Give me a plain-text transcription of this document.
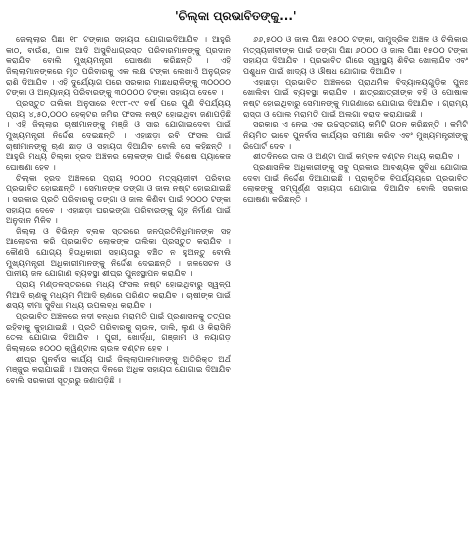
'ଚିଲ୍କା ପ୍ରଭାବିତଙ୍କୁ...'

ଜେଲ୍ଲାର ପିଛା ୧୮ ଟଙ୍କାର ସହାୟତା ଯୋଗାଇଦିଆଯିବ । ଆହୁରି କାଠ, ବାଉଁଶ, ପାଳ ଆଦି ଅସୁବିଧାଗ୍ରସ୍ତ ପରିବାରମାନଙ୍କୁ ପ୍ରଦାନ କରାଯିବ ବୋଲି ମୁଖ୍ୟମନ୍ତ୍ରୀ ଘୋଷଣା କରିଛନ୍ତି । ଏହି ଜିଲ୍ଲାମାନଙ୍କରେ ମୃତ ପରିବାରକୁ ଏକ ଲକ୍ଷ ଟଙ୍କା ଲେଖାଏଁ ଅନୁଗ୍ରହ ରାଶି ଦିଆଯିବ । ଏହି ଦୁର୍ଯ୍ୟୋଗ ପରେ ସରକାର ମାଛଧରାଳିଙ୍କୁ ୩୦୦୦୦ ଟଙ୍କା ଓ ଅନ୍ୟାନ୍ୟ ପରିବାରଙ୍କୁ ୩୦୦୦୦ ଟଙ୍କା ସହାୟତା ଦେବେ ।

ପ୍ରସ୍ତୁତ ତାଲିକା ଅନୁସାରେ ୧୯୯୮-୯୯ ବର୍ଷ ପରେ ପୁଣି ବିପର୍ଯ୍ୟୟ ପ୍ରାୟ ୪,୫୦,୦୦୦ ହେକ୍ଟର ଜମିର ଫସଲ ନଷ୍ଟ ହୋଇଥିବା ଜଣାପଡ଼ିଛି । ଏହି ଜିଲ୍ଲାର ଚାଷୀମାନଙ୍କୁ ମଞ୍ଜି ଓ ସାର ଯୋଗାଇଦେବା ପାଇଁ ମୁଖ୍ୟମନ୍ତ୍ରୀ ନିର୍ଦ୍ଦେଶ ଦେଇଛନ୍ତି । ଏହାଛଡ଼ା ରବି ଫସଲ ପାଇଁ ଚାଷୀମାନଙ୍କୁ ଋଣ ଛାଡ଼ ଓ ସହାୟତା ଦିଆଯିବ ବୋଲି ସେ କହିଛନ୍ତି । ଆହୁରି ମଧ୍ୟ ଚିଲ୍କା ହ୍ରଦ ଅଞ୍ଚଳର ଲୋକଙ୍କ ପାଇଁ ବିଶେଷ ପ୍ୟାକେଜ ଘୋଷଣା ହେବ ।

ଚିଲ୍କା ହ୍ରଦ ଅଞ୍ଚଳରେ ପ୍ରାୟ ୨୦୦୦ ମତ୍ସ୍ୟଜୀବୀ ପରିବାର ପ୍ରଭାବିତ ହୋଇଛନ୍ତି । ସେମାନଙ୍କ ଡଙ୍ଗା ଓ ଜାଲ ନଷ୍ଟ ହୋଇଯାଇଛି । ସରକାର ପ୍ରତି ପରିବାରକୁ ଡଙ୍ଗା ଓ ଜାଲ କିଣିବା ପାଇଁ ୨୦୦୦ ଟଙ୍କା ସହାୟତା ଦେବେ । ଏହାଛଡ଼ା ଘରଭଙ୍ଗା ପରିବାରଙ୍କୁ ଗୃହ ନିର୍ମାଣ ପାଇଁ ଅନୁଦାନ ମିଳିବ ।

ଜିଲ୍ଲା ଓ ବିଭିନ୍ନ ବ୍ଲକ ସ୍ତରରେ ଜନପ୍ରତିନିଧିମାନଙ୍କ ସହ ଆଲୋଚନା କରି ପ୍ରଭାବିତ ଲୋକଙ୍କ ତାଲିକା ପ୍ରସ୍ତୁତ କରାଯିବ । କୌଣସି ଯୋଗ୍ୟ ହିତାଧିକାରୀ ସହାୟତାରୁ ବଞ୍ଚିତ ନ ହୁଅନ୍ତୁ ବୋଲି ମୁଖ୍ୟମନ୍ତ୍ରୀ ଅଧିକାରୀମାନଙ୍କୁ ନିର୍ଦ୍ଦେଶ ଦେଇଛନ୍ତି । ଜଳସେଚନ ଓ ପାନୀୟ ଜଳ ଯୋଗାଣ ବ୍ୟବସ୍ଥା ଶୀଘ୍ର ପୁନଃସ୍ଥାପନ କରାଯିବ ।

ପ୍ରାୟ ମଣ୍ଡଳସ୍ତରରେ ମଧ୍ୟ ଫସଲ ନଷ୍ଟ ହୋଇଥିବାରୁ ସ୍ୱଳ୍ପ ମିଆଦି ଋଣକୁ ମଧ୍ୟମ ମିଆଦି ଋଣରେ ପରିଣତ କରାଯିବ । ଚାଷୀଙ୍କ ପାଇଁ ଶସ୍ୟ ବୀମା ସୁବିଧା ମଧ୍ୟ ଉପଲବ୍ଧ କରାଯିବ ।

ପ୍ରଭାବିତ ଅଞ୍ଚଳରେ ନଦୀ ବନ୍ଧର ମରାମତି ପାଇଁ ପ୍ରଶାସନକୁ ତତ୍ପର ରହିବାକୁ କୁହାଯାଇଛି । ପ୍ରତି ପରିବାରକୁ ଚାଉଳ, ଡାଲି, ଲୁଣ ଓ କିରାସିନି ତେଲ ଯୋଗାଇ ଦିଆଯିବ । ପୁରୀ, ଖୋର୍ଦ୍ଧା, ଗଞ୍ଜାମ ଓ ନୟାଗଡ଼ ଜିଲ୍ଲାରେ ୫୦୦୦ କ୍ୱିଣ୍ଟାଲ ଚାଉଳ ବଣ୍ଟନ ହେବ ।

ଶୀଘ୍ର ପୁନର୍ବାସ କାର୍ଯ୍ୟ ପାଇଁ ଜିଲ୍ଲାପାଳମାନଙ୍କୁ ଅତିରିକ୍ତ ଅର୍ଥ ମଞ୍ଜୁର କରାଯାଇଛି । ଆସନ୍ତା ଦିନରେ ଅଧିକ ସହାୟତା ଯୋଗାଇ ଦିଆଯିବ ବୋଲି ସରକାରୀ ସୂତ୍ରରୁ ଜଣାପଡ଼ିଛି ।

୬୬,୫୦୦ ଓ ଜାଲ ପିଛା ୧୫୦୦ ଟଙ୍କା, ସାମୁଦ୍ରିକ ଅଞ୍ଚଳ ଓ ଚିଲିକାର ମତ୍ସ୍ୟଜୀବୀଙ୍କ ପାଇଁ ଡଙ୍ଗା ପିଛା ୬୦୦୦ ଓ ଜାଲ ପିଛା ୧୫୦୦ ଟଙ୍କା ସହାୟତା ଦିଆଯିବ । ପ୍ରଭାବିତ ଗାଁରେ ସ୍ୱାସ୍ଥ୍ୟ ଶିବିର ଖୋଲାଯିବ ଏବଂ ପଶୁଧନ ପାଇଁ ଖାଦ୍ୟ ଓ ଔଷଧ ଯୋଗାଇ ଦିଆଯିବ ।

ଏହାଛଡ଼ା ପ୍ରଭାବିତ ଅଞ୍ଚଳରେ ପ୍ରାଥମିକ ବିଦ୍ୟାଳୟଗୁଡ଼ିକ ପୁନଃ ଖୋଲିବା ପାଇଁ ବ୍ୟବସ୍ଥା କରାଯିବ । ଛାତ୍ରଛାତ୍ରୀଙ୍କ ବହି ଓ ପୋଷାକ ନଷ୍ଟ ହୋଇଥିବାରୁ ସେମାନଙ୍କୁ ମାଗଣାରେ ଯୋଗାଇ ଦିଆଯିବ । ଗ୍ରାମ୍ୟ ରାସ୍ତା ଓ ପୋଲ ମରାମତି ପାଇଁ ଅଲଗା ବରାଦ କରାଯାଇଛି ।

ସରକାର ଏ ନେଇ ଏକ ଉଚ୍ଚସ୍ତରୀୟ କମିଟି ଗଠନ କରିଛନ୍ତି । କମିଟି ନିୟମିତ ଭାବେ ପୁନର୍ବାସ କାର୍ଯ୍ୟର ସମୀକ୍ଷା କରିବ ଏବଂ ମୁଖ୍ୟମନ୍ତ୍ରୀଙ୍କୁ ରିପୋର୍ଟ ଦେବ ।

ଶୀତଦିନରେ ତାଲ ଓ ଅଣ୍ଟା ପାଇଁ କମ୍ବଳ ବଣ୍ଟନ ମଧ୍ୟ କରାଯିବ ।

ପ୍ରଶାସନିକ ଅଧିକାରୀଙ୍କୁ ସବୁ ପ୍ରକାର ଆବଶ୍ୟକ ସୁବିଧା ଯୋଗାଇ ଦେବା ପାଇଁ ନିର୍ଦ୍ଦେଶ ଦିଆଯାଇଛି । ପ୍ରାକୃତିକ ବିପର୍ଯ୍ୟୟରେ ପ୍ରଭାବିତ ଲୋକଙ୍କୁ ସମ୍ପୂର୍ଣ୍ଣ ସହାୟତା ଯୋଗାଇ ଦିଆଯିବ ବୋଲି ସରକାର ଘୋଷଣା କରିଛନ୍ତି ।
